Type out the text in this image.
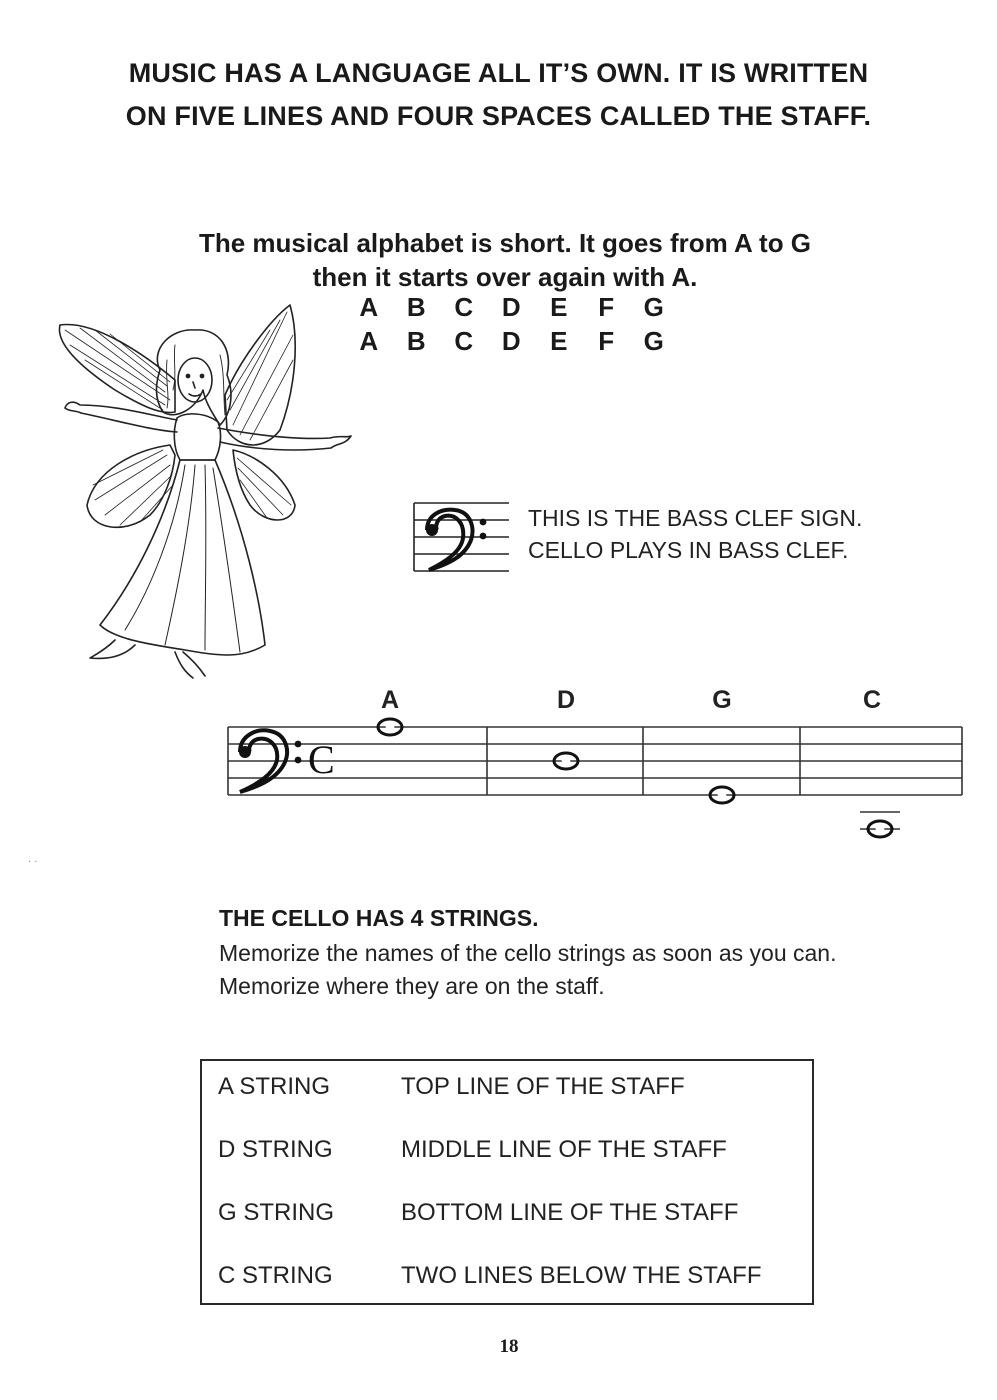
MUSIC HAS A LANGUAGE ALL IT’S OWN. IT IS WRITTEN
ON FIVE LINES AND FOUR SPACES CALLED THE STAFF.
The musical alphabet is short. It goes from A to G
then it starts over again with A.
A	B	C	D	E	F	G
A	B	C	D	E	F	G
THIS IS THE BASS CLEF SIGN.
CELLO PLAYS IN BASS CLEF.
C
A	D	G	C
· ·
THE CELLO HAS 4 STRINGS.
Memorize the names of the cello strings as soon as you can.
Memorize where they are on the staff.
A STRING	TOP LINE OF THE STAFF
D STRING	MIDDLE LINE OF THE STAFF
G STRING	BOTTOM LINE OF THE STAFF
C STRING	TWO LINES BELOW THE STAFF
18
